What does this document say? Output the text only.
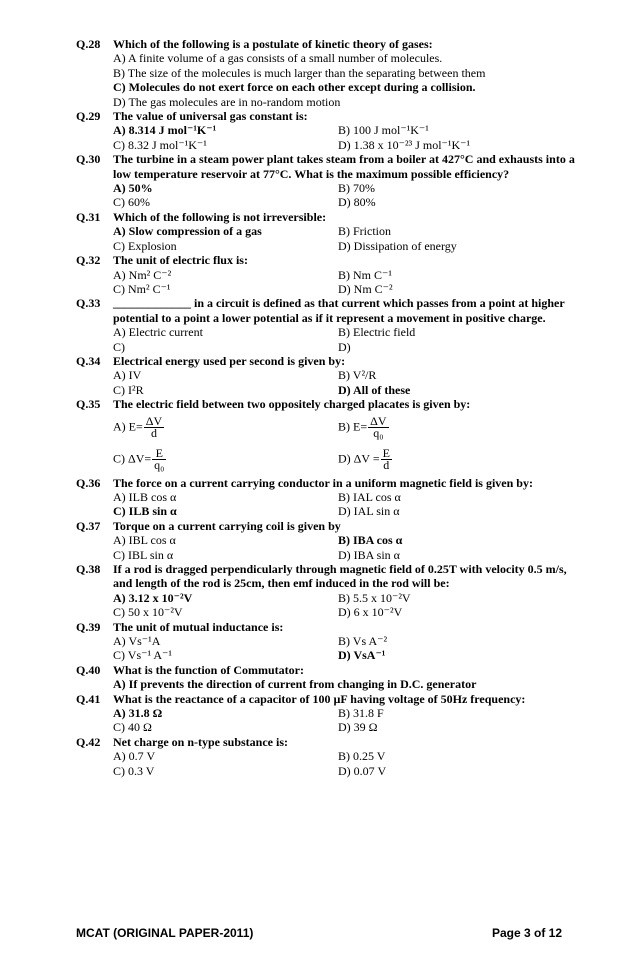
Q.28 Which of the following is a postulate of kinetic theory of gases:
A) A finite volume of a gas consists of a small number of molecules.
B) The size of the molecules is much larger than the separating between them
C) Molecules do not exert force on each other except during a collision.
D) The gas molecules are in no-random motion
Q.29 The value of universal gas constant is:
A) 8.314 J mol⁻¹K⁻¹	B) 100 J mol⁻¹K⁻¹
C) 8.32 J mol⁻¹K⁻¹	D) 1.38 x 10⁻²³ J mol⁻¹K⁻¹
Q.30 The turbine in a steam power plant takes steam from a boiler at 427°C and exhausts into a low temperature reservoir at 77°C. What is the maximum possible efficiency?
A) 50%	B) 70%
C) 60%	D) 80%
Q.31 Which of the following is not irreversible:
A) Slow compression of a gas	B) Friction
C) Explosion	D) Dissipation of energy
Q.32 The unit of electric flux is:
A) Nm² C⁻²	B) Nm C⁻¹
C) Nm² C⁻¹	D) Nm C⁻²
Q.33 _____________ in a circuit is defined as that current which passes from a point at higher potential to a point a lower potential as if it represent a movement in positive charge.
A) Electric current	B) Electric field
C)	D)
Q.34 Electrical energy used per second is given by:
A) IV	B) V²/R
C) I²R	D) All of these
Q.35 The electric field between two oppositely charged placates is given by:
A) $E= \frac{\Delta V}{d}$	B) $E= \frac{\Delta V}{\text{q₀}}$
C) $\Delta V= \frac{E}{\text{q₀}}$	D) $\Delta V = \frac{E}{d}$
Q.36 The force on a current carrying conductor in a uniform magnetic field is given by:
A) ILB cos α	B) IAL cos α
C) ILB sin α	D) IAL sin α
Q.37 Torque on a current carrying coil is given by
A) IBL cos α	B) IBA cos α
C) IBL sin α	D) IBA sin α
Q.38 If a rod is dragged perpendicularly through magnetic field of 0.25T with velocity 0.5 m/s, and length of the rod is 25cm, then emf induced in the rod will be:
A) 3.12 x 10⁻²V	B) 5.5 x 10⁻²V
C) 50 x 10⁻²V	D) 6 x 10⁻²V
Q.39 The unit of mutual inductance is:
A) Vs⁻¹A	B) Vs A⁻²
C) Vs⁻¹ A⁻¹	D) VsA⁻¹
Q.40 What is the function of Commutator:
A) If prevents the direction of current from changing in D.C. generator
Q.41 What is the reactance of a capacitor of 100 µF having voltage of 50Hz frequency:
A) 31.8 Ω	B) 31.8 F
C) 40 Ω	D) 39 Ω
Q.42 Net charge on n-type substance is:
A) 0.7 V	B) 0.25 V
C) 0.3 V	D) 0.07 V
MCAT (ORIGINAL PAPER-2011)	Page 3 of 12
